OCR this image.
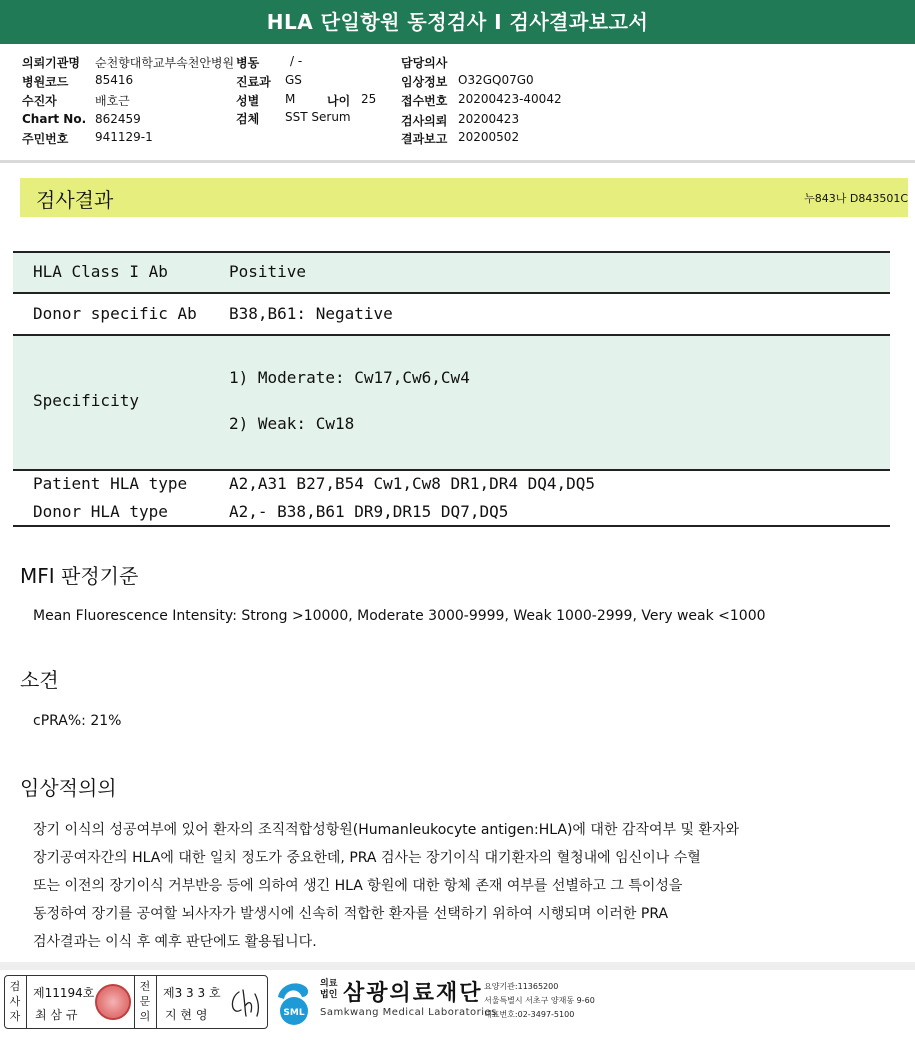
HLA 단일항원 동정검사 I 검사결과보고서
의뢰기관명 순천향대학교부속천안병원
병원코드 85416
수진자	배호근
Chart No. 862459
주민번호 941129-1
병동	/ -
진료과 GS
성별 M	나이 25
검체 SST Serum
담당의사
임상정보 O32GQ07G0
접수번호 20200423-40042
검사의뢰 20200423
결과보고 20200502
검사결과	누843나 D843501C
HLA Class I Ab	Positive
Donor specific Ab B38,B61: Negative
Specificity
1) Moderate: Cw17,Cw6,Cw4
2) Weak: Cw18
Patient HLA type	A2,A31 B27,B54 Cw1,Cw8 DR1,DR4 DQ4,DQ5
Donor HLA type	A2,- B38,B61 DR9,DR15 DQ7,DQ5
MFI 판정기준
Mean Fluorescence Intensity: Strong >10000, Moderate 3000-9999, Weak 1000-2999, Very weak <1000
소견
cPRA%: 21%
임상적의의
장기 이식의 성공여부에 있어 환자의 조직적합성항원(Humanleukocyte antigen:HLA)에 대한 감작여부 및 환자와
장기공여자간의 HLA에 대한 일치 정도가 중요한데, PRA 검사는 장기이식 대기환자의 혈청내에 임신이나 수혈
또는 이전의 장기이식 거부반응 등에 의하여 생긴 HLA 항원에 대한 항체 존재 여부를 선별하고 그 특이성을
동정하여 장기를 공여할 뇌사자가 발생시에 신속히 적합한 환자를 선택하기 위하여 시행되며 이러한 PRA
검사결과는 이식 후 예후 판단에도 활용됩니다.
검
사
자
제11194호
최 삼 규
전
문
의
제3 3 3 호
지 현 영	SML
의료
법인 삼광의료재단
Samkwang Medical Laboratories
요양기관:11365200
서울특별시 서초구 양재동 9-60
대표번호:02-3497-5100
